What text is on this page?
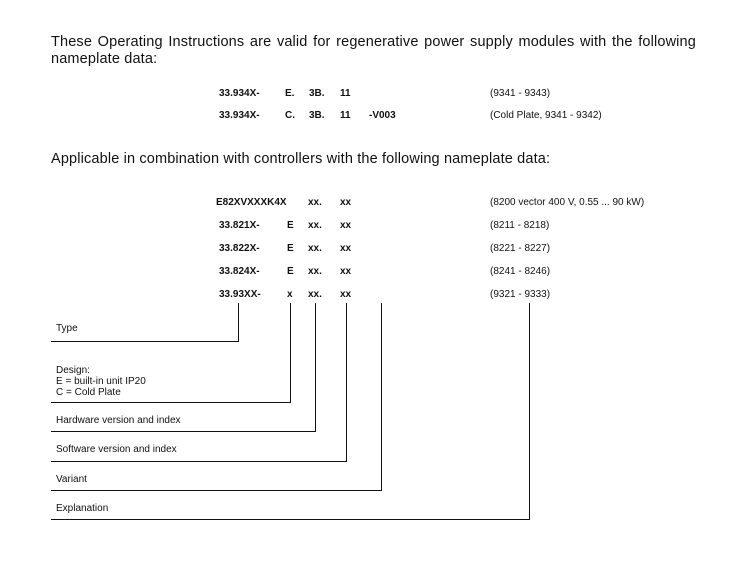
These Operating Instructions are valid for regenerative power supply modules with the following nameplate data:
33.934X-	E. 3B. 11	(9341 - 9343)
33.934X-	C. 3B. 11 -V003	(Cold Plate, 9341 - 9342)
Applicable in combination with controllers with the following nameplate data:
E82XVXXXK4X xx. xx	(8200 vector 400 V, 0.55 ... 90 kW)
33.821X-	E xx. xx	(8211 - 8218)
33.822X-	E xx. xx	(8221 - 8227)
33.824X-	E xx. xx	(8241 - 8246)
33.93XX-	x xx. xx	(9321 - 9333)
Type
Design:
E = built-in unit IP20
C = Cold Plate
Hardware version and index
Software version and index
Variant
Explanation
